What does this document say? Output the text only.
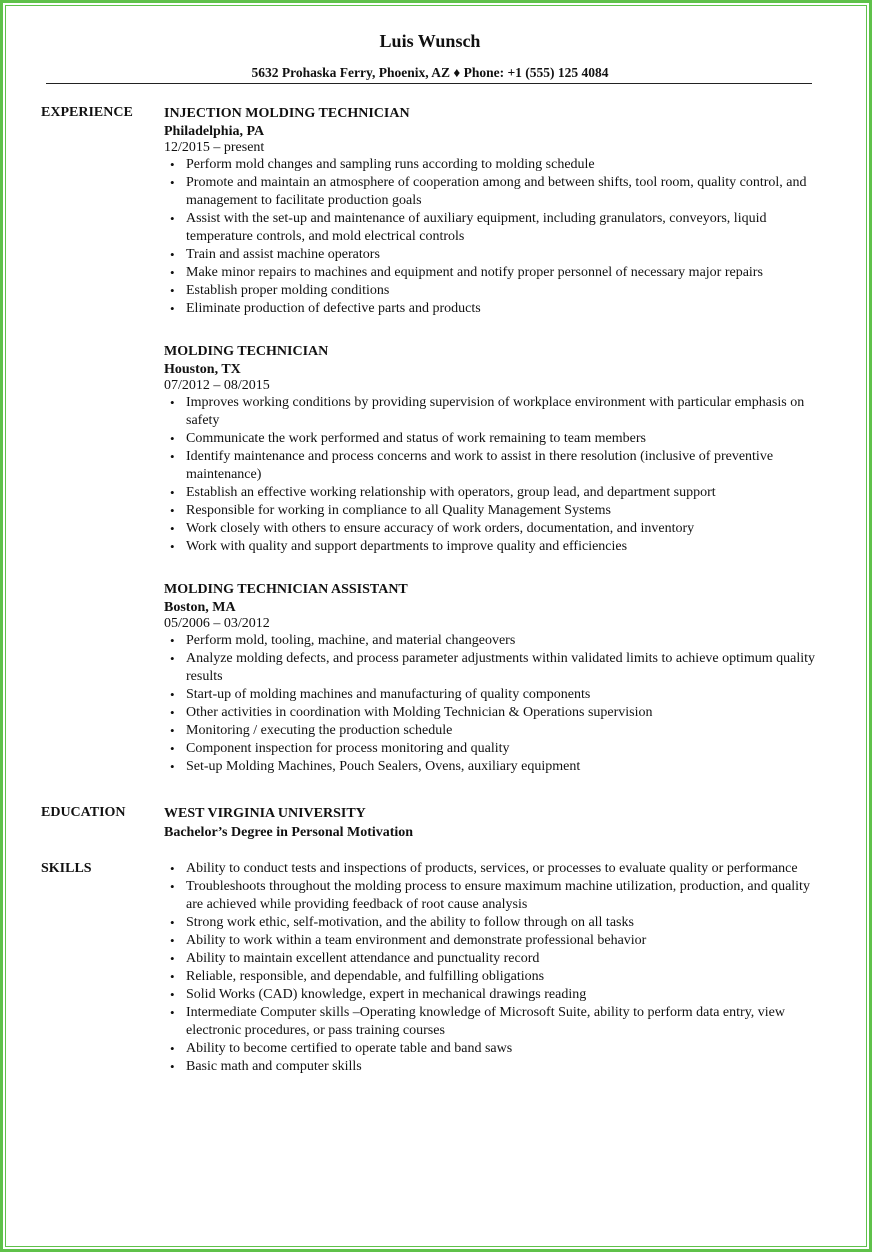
Luis Wunsch
5632 Prohaska Ferry, Phoenix, AZ ♦ Phone: +1 (555) 125 4084
EXPERIENCE INJECTION MOLDING TECHNICIAN
Philadelphia, PA
12/2015 – present
• Perform mold changes and sampling runs according to molding schedule
• Promote and maintain an atmosphere of cooperation among and between shifts, tool room, quality control, and management to facilitate production goals
• Assist with the set-up and maintenance of auxiliary equipment, including granulators, conveyors, liquid temperature controls, and mold electrical controls
• Train and assist machine operators
• Make minor repairs to machines and equipment and notify proper personnel of necessary major repairs
• Establish proper molding conditions
• Eliminate production of defective parts and products
MOLDING TECHNICIAN
Houston, TX
07/2012 – 08/2015
• Improves working conditions by providing supervision of workplace environment with particular emphasis on safety
• Communicate the work performed and status of work remaining to team members
• Identify maintenance and process concerns and work to assist in there resolution (inclusive of preventive maintenance)
• Establish an effective working relationship with operators, group lead, and department support
• Responsible for working in compliance to all Quality Management Systems
• Work closely with others to ensure accuracy of work orders, documentation, and inventory
• Work with quality and support departments to improve quality and efficiencies
MOLDING TECHNICIAN ASSISTANT
Boston, MA
05/2006 – 03/2012
• Perform mold, tooling, machine, and material changeovers
• Analyze molding defects, and process parameter adjustments within validated limits to achieve optimum quality results
• Start-up of molding machines and manufacturing of quality components
• Other activities in coordination with Molding Technician & Operations supervision
• Monitoring / executing the production schedule
• Component inspection for process monitoring and quality
• Set-up Molding Machines, Pouch Sealers, Ovens, auxiliary equipment
EDUCATION	WEST VIRGINIA UNIVERSITY
Bachelor’s Degree in Personal Motivation
SKILLS
•	Ability to conduct tests and inspections of products, services, or processes to evaluate quality or performance
• Troubleshoots throughout the molding process to ensure maximum machine utilization, production, and quality are achieved while providing feedback of root cause analysis
• Strong work ethic, self-motivation, and the ability to follow through on all tasks
• Ability to work within a team environment and demonstrate professional behavior
• Ability to maintain excellent attendance and punctuality record
• Reliable, responsible, and dependable, and fulfilling obligations
• Solid Works (CAD) knowledge, expert in mechanical drawings reading
• Intermediate Computer skills –Operating knowledge of Microsoft Suite, ability to perform data entry, view electronic procedures, or pass training courses
• Ability to become certified to operate table and band saws
• Basic math and computer skills
